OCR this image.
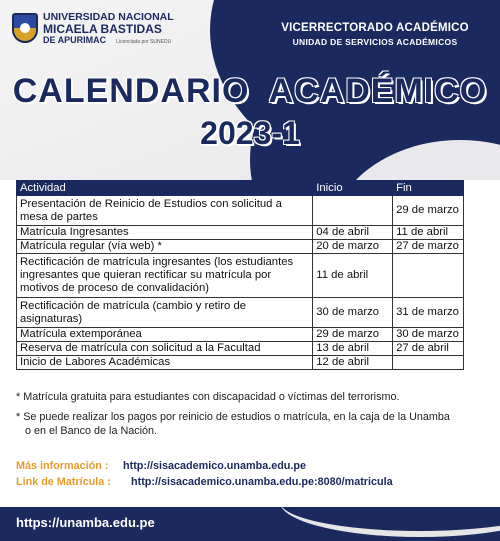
UNIVERSIDAD NACIONAL
MICAELA BASTIDAS
DE APURIMAC Licenciada por SUNEDU
VICERRECTORADO ACADÉMICO
UNIDAD DE SERVICIOS ACADÉMICOS
CALENDARIO ACADÉMICO
2023-1
Actividad	Inicio	Fin
Presentación de Reinicio de Estudios con solicitud a mesa de partes		29 de marzo
Matrícula Ingresantes	04 de abril	11 de abril
Matrícula regular (vía web) *	20 de marzo	27 de marzo
Rectificación de matrícula ingresantes (los estudiantes ingresantes que quieran rectificar su matrícula por motivos de proceso de convalidación)	11 de abril	
Rectificación de matrícula (cambio y retiro de asignaturas)	30 de marzo	31 de marzo
Matrícula extemporánea	29 de marzo	30 de marzo
Reserva de matrícula con solicitud a la Facultad	13 de abril	27 de abril
Inicio de Labores Académicas	12 de abril	

* Matrícula gratuita para estudiantes con discapacidad o víctimas del terrorismo.

* Se puede realizar los pagos por reinicio de estudios o matrícula, en la caja de la Unamba
o en el Banco de la Nación.
Más información : http://sisacademico.unamba.edu.pe
Link de Matrícula : http://sisacademico.unamba.edu.pe:8080/matricula
https://unamba.edu.pe
